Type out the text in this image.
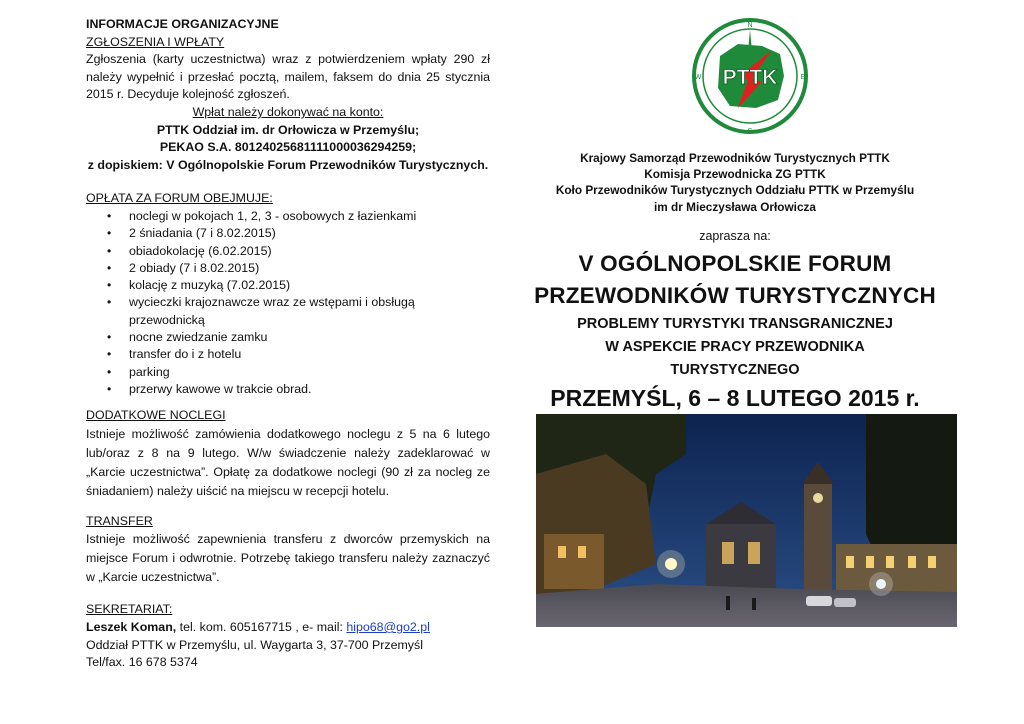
INFORMACJE ORGANIZACYJNE

ZGŁOSZENIA I WPŁATY

Zgłoszenia (karty uczestnictwa) wraz z potwierdzeniem wpłaty 290 zł należy wypełnić i przesłać pocztą, mailem, faksem do dnia 25 stycznia 2015 r. Decyduje kolejność zgłoszeń.

Wpłat należy dokonywać na konto:

PTTK Oddział im. dr Orłowicza w Przemyślu;

PEKAO S.A. 80124025681111000036294259;

z dopiskiem: V Ogólnopolskie Forum Przewodników Turystycznych.

OPŁATA ZA FORUM OBEJMUJE:

• noclegi w pokojach 1, 2, 3 - osobowych z łazienkami
• 2 śniadania (7 i 8.02.2015)
• obiadokolację (6.02.2015)
• 2 obiady (7 i 8.02.2015)
• kolację z muzyką (7.02.2015)
• wycieczki krajoznawcze wraz ze wstępami i obsługą przewodnicką
• nocne zwiedzanie zamku
• transfer do i z hotelu
• parking
• przerwy kawowe w trakcie obrad.

DODATKOWE NOCLEGI

Istnieje możliwość zamówienia dodatkowego noclegu z 5 na 6 lutego lub/oraz z 8 na 9 lutego. W/w świadczenie należy zadeklarować w „Karcie uczestnictwa”. Opłatę za dodatkowe noclegi (90 zł za nocleg ze śniadaniem) należy uiścić na miejscu w recepcji hotelu.

TRANSFER

Istnieje możliwość zapewnienia transferu z dworców przemyskich na miejsce Forum i odwrotnie. Potrzebę takiego transferu należy zaznaczyć w „Karcie uczestnictwa”.

SEKRETARIAT:

Leszek Koman, tel. kom. 605167715 , e- mail: hipo68@go2.pl

Oddział PTTK w Przemyślu, ul. Waygarta 3, 37-700 Przemyśl

Tel/fax. 16 678 5374

PTTK
N
E
S
W
Krajowy Samorząd Przewodników Turystycznych PTTK
Komisja Przewodnicka ZG PTTK
Koło Przewodników Turystycznych Oddziału PTTK w Przemyślu
im dr Mieczysława Orłowicza
zaprasza na:
V OGÓLNOPOLSKIE FORUM
PRZEWODNIKÓW TURYSTYCZNYCH
PROBLEMY TURYSTYKI TRANSGRANICZNEJ
W ASPEKCIE PRACY PRZEWODNIKA
TURYSTYCZNEGO
PRZEMYŚL, 6 – 8 LUTEGO 2015 r.
